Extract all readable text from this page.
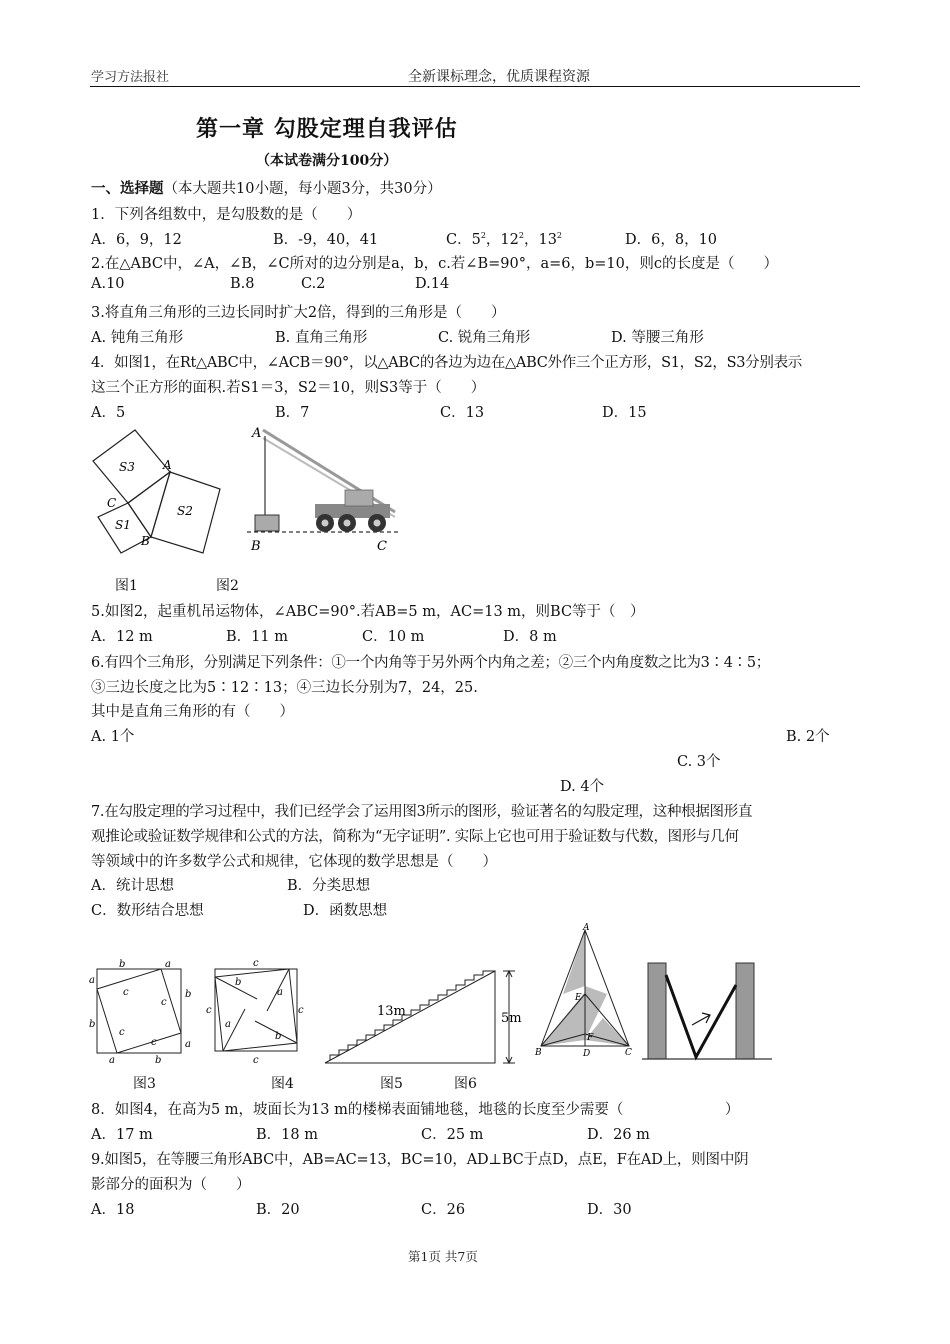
学习方法报社	全新课标理念，优质课程资源
第一章 勾股定理自我评估
（本试卷满分100分）
一、选择题（本大题共10小题，每小题3分，共30分）
1．下列各组数中，是勾股数的是（　　）
A．6，9，12	B．-9，40，41	C．$5^2$，$12^2$，$13^2$	D．6，8，10
2.在△ABC中，∠A，∠B，∠C所对的边分别是a，b，c.若∠B=90°，a=6，b=10，则c的长度是（　　）
A.10	B.8	C.2	D.14
3.将直角三角形的三边长同时扩大2倍，得到的三角形是（　　）
A. 钝角三角形	B. 直角三角形	C. 锐角三角形	D. 等腰三角形
4．如图1，在Rt△ABC中，∠ACB＝90°，以△ABC的各边为边在△ABC外作三个正方形，S1，S2，S3分别表示
这三个正方形的面积.若S1＝3，S2＝10，则S3等于（　　）
A．5	B．7	C．13	D．15
S3
S2
S1
A
B
C
图1
A
B	C
图2
5.如图2，起重机吊运物体，∠ABC=90°.若AB=5 m，AC=13 m，则BC等于（　）
A．12 m	B．11 m	C．10 m	D．8 m
6.有四个三角形，分别满足下列条件：①一个内角等于另外两个内角之差；②三个内角度数之比为3∶4∶5；
③三边长度之比为5∶12∶13；④三边长分别为7，24，25.
其中是直角三角形的有（　　）
A. 1个	B. 2个
C. 3个
D. 4个
7.在勾股定理的学习过程中，我们已经学会了运用图3所示的图形，验证著名的勾股定理，这种根据图形直
观推论或验证数学规律和公式的方法，简称为“无字证明”. 实际上它也可用于验证数与代数，图形与几何
等领域中的许多数学公式和规律，它体现的数学思想是（　　）
A．统计思想	B．分类思想
C．数形结合思想	D．函数思想
b	a
a
b
b
a
a	b
c
c
c
c
图3
c
c	c
c
b
a
a
b
图4
13m	5m
图5	图6
A
B	C
D
E
F
8．如图4，在高为5 m，坡面长为13 m的楼梯表面铺地毯，地毯的长度至少需要（　　　　　　　）
A．17 m	B．18 m	C．25 m	D．26 m
9.如图5，在等腰三角形ABC中，AB=AC=13，BC=10，AD⊥BC于点D，点E，F在AD上，则图中阴
影部分的面积为（　　）
A．18	B．20	C．26	D．30
第1页 共7页
